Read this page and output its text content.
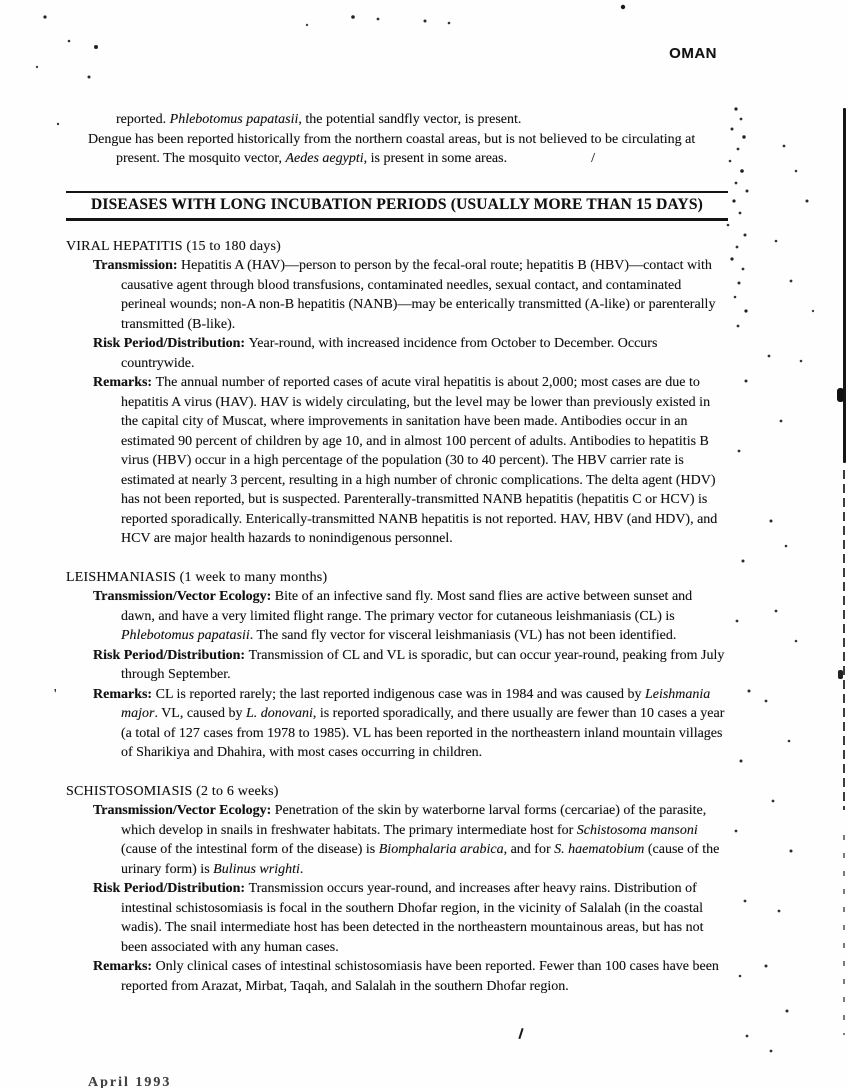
OMAN

reported. Phlebotomus papatasii, the potential sandfly vector, is present.

Dengue has been reported historically from the northern coastal areas, but is not believed to be circulating at present. The mosquito vector, Aedes aegypti, is present in some areas.	/

DISEASES WITH LONG INCUBATION PERIODS (USUALLY MORE THAN 15 DAYS)
VIRAL HEPATITIS (15 to 180 days)

Transmission: Hepatitis A (HAV)—person to person by the fecal-oral route; hepatitis B (HBV)—contact with causative agent through blood transfusions, contaminated needles, sexual contact, and contaminated perineal wounds; non-A non-B hepatitis (NANB)—may be enterically transmitted (A-like) or parenterally transmitted (B-like).

Risk Period/Distribution: Year-round, with increased incidence from October to December. Occurs countrywide.

Remarks: The annual number of reported cases of acute viral hepatitis is about 2,000; most cases are due to hepatitis A virus (HAV). HAV is widely circulating, but the level may be lower than previously existed in the capital city of Muscat, where improvements in sanitation have been made. Antibodies occur in an estimated 90 percent of children by age 10, and in almost 100 percent of adults. Antibodies to hepatitis B virus (HBV) occur in a high percentage of the population (30 to 40 percent). The HBV carrier rate is estimated at nearly 3 percent, resulting in a high number of chronic complications. The delta agent (HDV) has not been reported, but is suspected. Parenterally-transmitted NANB hepatitis (hepatitis C or HCV) is reported sporadically. Enterically-transmitted NANB hepatitis is not reported. HAV, HBV (and HDV), and HCV are major health hazards to nonindigenous personnel.

LEISHMANIASIS (1 week to many months)

Transmission/Vector Ecology: Bite of an infective sand fly. Most sand flies are active between sunset and dawn, and have a very limited flight range. The primary vector for cutaneous leishmaniasis (CL) is Phlebotomus papatasii. The sand fly vector for visceral leishmaniasis (VL) has not been identified.

Risk Period/Distribution: Transmission of CL and VL is sporadic, but can occur year-round, peaking from July through September.

'	Remarks: CL is reported rarely; the last reported indigenous case was in 1984 and was caused by Leishmania major. VL, caused by L. donovani, is reported sporadically, and there usually are fewer than 10 cases a year (a total of 127 cases from 1978 to 1985). VL has been reported in the northeastern inland mountain villages of Sharikiya and Dhahira, with most cases occurring in children.

SCHISTOSOMIASIS (2 to 6 weeks)

Transmission/Vector Ecology: Penetration of the skin by waterborne larval forms (cercariae) of the parasite, which develop in snails in freshwater habitats. The primary intermediate host for Schistosoma mansoni (cause of the intestinal form of the disease) is Biomphalaria arabica, and for S. haematobium (cause of the urinary form) is Bulinus wrighti.

Risk Period/Distribution: Transmission occurs year-round, and increases after heavy rains. Distribution of intestinal schistosomiasis is focal in the southern Dhofar region, in the vicinity of Salalah (in the coastal wadis). The snail intermediate host has been detected in the northeastern mountainous areas, but has not been associated with any human cases.

Remarks: Only clinical cases of intestinal schistosomiasis have been reported. Fewer than 100 cases have been reported from Arazat, Mirbat, Taqah, and Salalah in the southern Dhofar region.

April 1993
